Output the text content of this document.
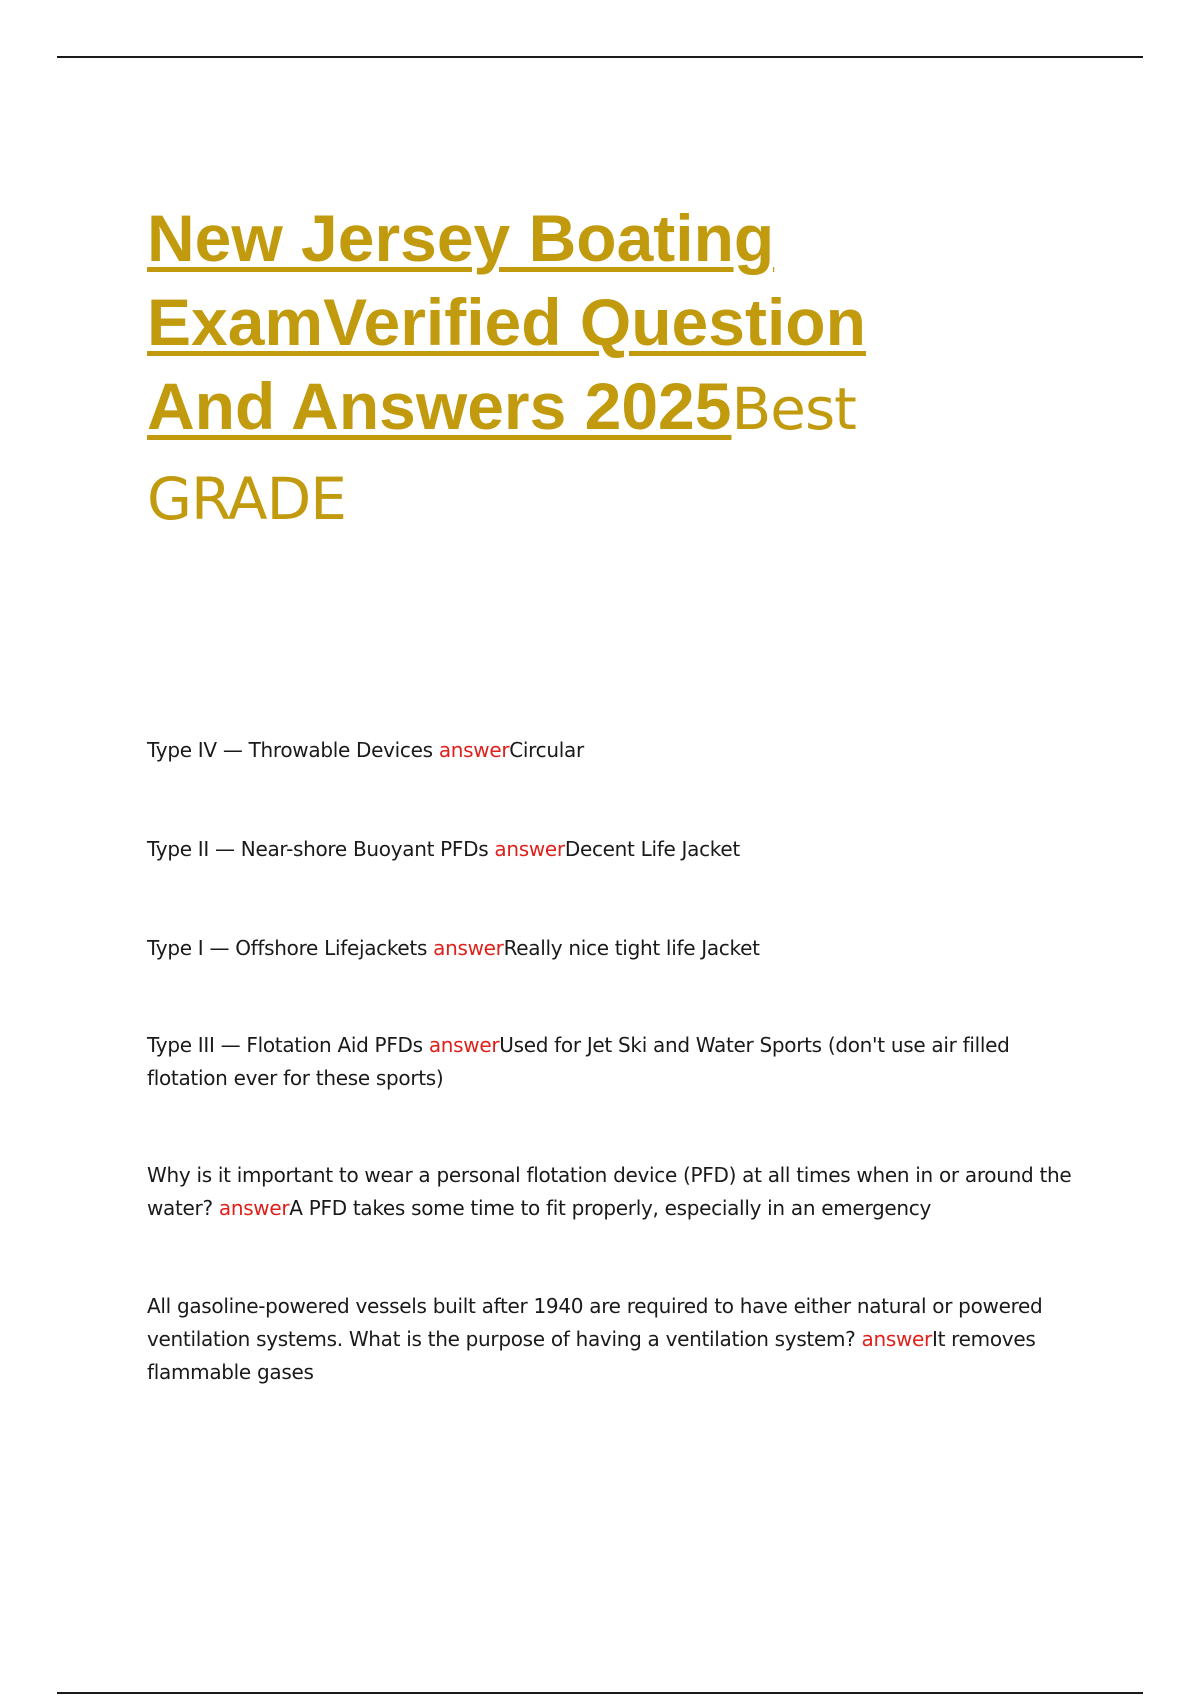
New Jersey Boating
ExamVerified Question
And Answers 2025Best
GRADE
Type IV — Throwable Devices answerCircular
Type II — Near-shore Buoyant PFDs answerDecent Life Jacket
Type I — Offshore Lifejackets answerReally nice tight life Jacket
Type III — Flotation Aid PFDs answerUsed for Jet Ski and Water Sports (don't use air filled flotation ever for these sports)
Why is it important to wear a personal flotation device (PFD) at all times when in or around the water? answerA PFD takes some time to fit properly, especially in an emergency
All gasoline-powered vessels built after 1940 are required to have either natural or powered ventilation systems. What is the purpose of having a ventilation system? answerIt removes flammable gases
